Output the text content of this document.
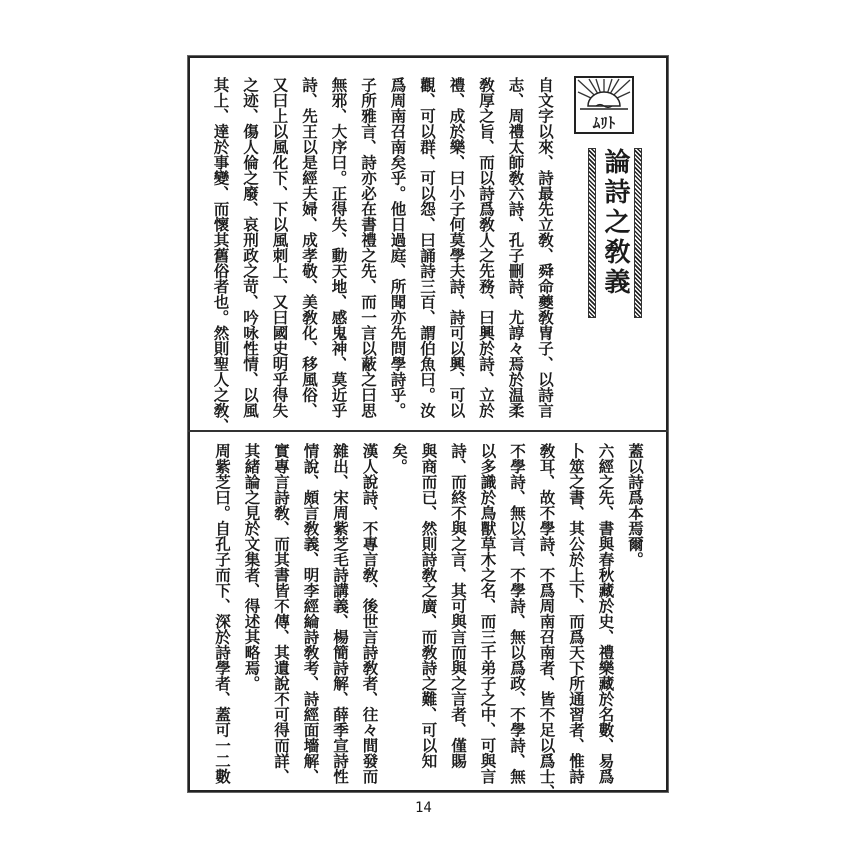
ﾑﾘﾄ
論詩之敎義
自文字以來、詩最先立敎、舜命夔敎冑子、以詩言
志、周禮太師敎六詩、孔子刪詩、尤諄々焉於温柔
敎厚之旨、而以詩爲敎人之先務、曰興於詩、立於
禮、成於樂、曰小子何莫學夫詩、詩可以興、可以
觀、可以群、可以怨、曰誦詩三百、謂伯魚曰。汝
爲周南召南矣乎。他日過庭、所聞亦先問學詩乎。
子所雅言、詩亦必在書禮之先、而一言以蔽之曰思
無邪、大序曰。正得失、動天地、感鬼神、莫近乎
詩、先王以是經夫婦、成孝敬、美敎化、移風俗、
又曰上以風化下、下以風刺上、又曰國史明乎得失
之迹、傷人倫之廢、哀刑政之苛、吟咏性情、以風
其上、達於事變、而懷其舊俗者也。然則聖人之敎、
蓋以詩爲本焉爾。
六經之先、書與春秋藏於史、禮樂藏於名數、易爲
卜筮之書、其公於上下、而爲天下所通習者、惟詩
敎耳、故不學詩、不爲周南召南者、皆不足以爲士、
不學詩、無以言、不學詩、無以爲政、不學詩、無
以多識於鳥獸草木之名、而三千弟子之中、可與言
詩、而終不與之言、其可與言而與之言者、僅賜
與商而已、然則詩敎之廣、而敎詩之難、可以知
矣。
漢人說詩、不專言敎、後世言詩敎者、往々間發而
雜出、宋周紫芝毛詩講義、楊簡詩解、薛季宣詩性
情說、頗言敎義、明李經綸詩敎考、詩經面墻解、
實專言詩敎、而其書皆不傳、其遺說不可得而詳、
其緒論之見於文集者、得述其略焉。
周紫芝曰。自孔子而下、深於詩學者、蓋可一二數
14
